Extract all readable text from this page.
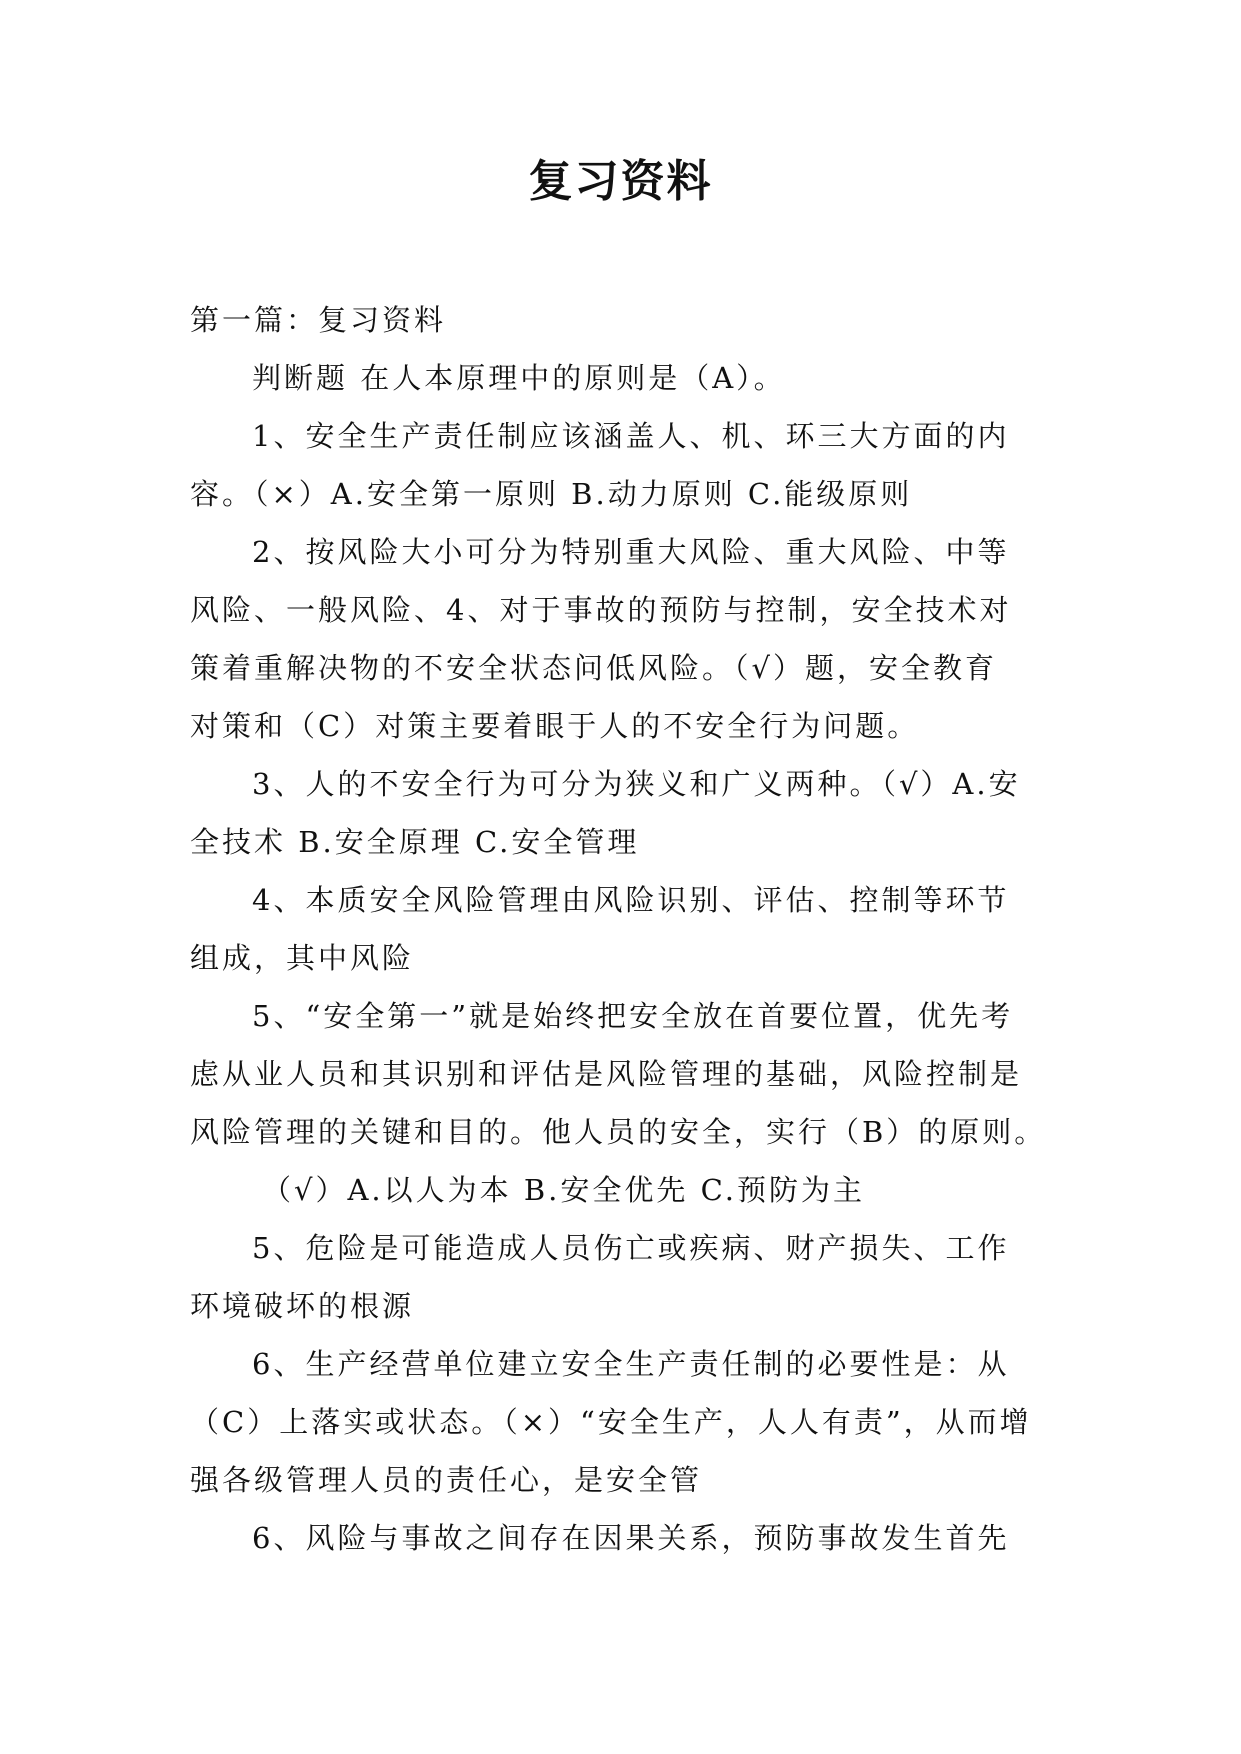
复习资料

第一篇：复习资料

判断题 在人本原理中的原则是（A）。

1、安全生产责任制应该涵盖人、机、环三大方面的内

容。（×）A.安全第一原则 B.动力原则 C.能级原则

2、按风险大小可分为特别重大风险、重大风险、中等

风险、一般风险、4、对于事故的预防与控制，安全技术对

策着重解决物的不安全状态问低风险。（√）题，安全教育

对策和（C）对策主要着眼于人的不安全行为问题。

3、人的不安全行为可分为狭义和广义两种。（√）A.安

全技术 B.安全原理 C.安全管理

4、本质安全风险管理由风险识别、评估、控制等环节

组成，其中风险

5、“安全第一”就是始终把安全放在首要位置，优先考

虑从业人员和其识别和评估是风险管理的基础，风险控制是

风险管理的关键和目的。他人员的安全，实行（B）的原则。

（√）A.以人为本 B.安全优先 C.预防为主

5、危险是可能造成人员伤亡或疾病、财产损失、工作

环境破坏的根源

6、生产经营单位建立安全生产责任制的必要性是：从

（C）上落实或状态。（×）“安全生产，人人有责”，从而增

强各级管理人员的责任心，是安全管

6、风险与事故之间存在因果关系，预防事故发生首先
